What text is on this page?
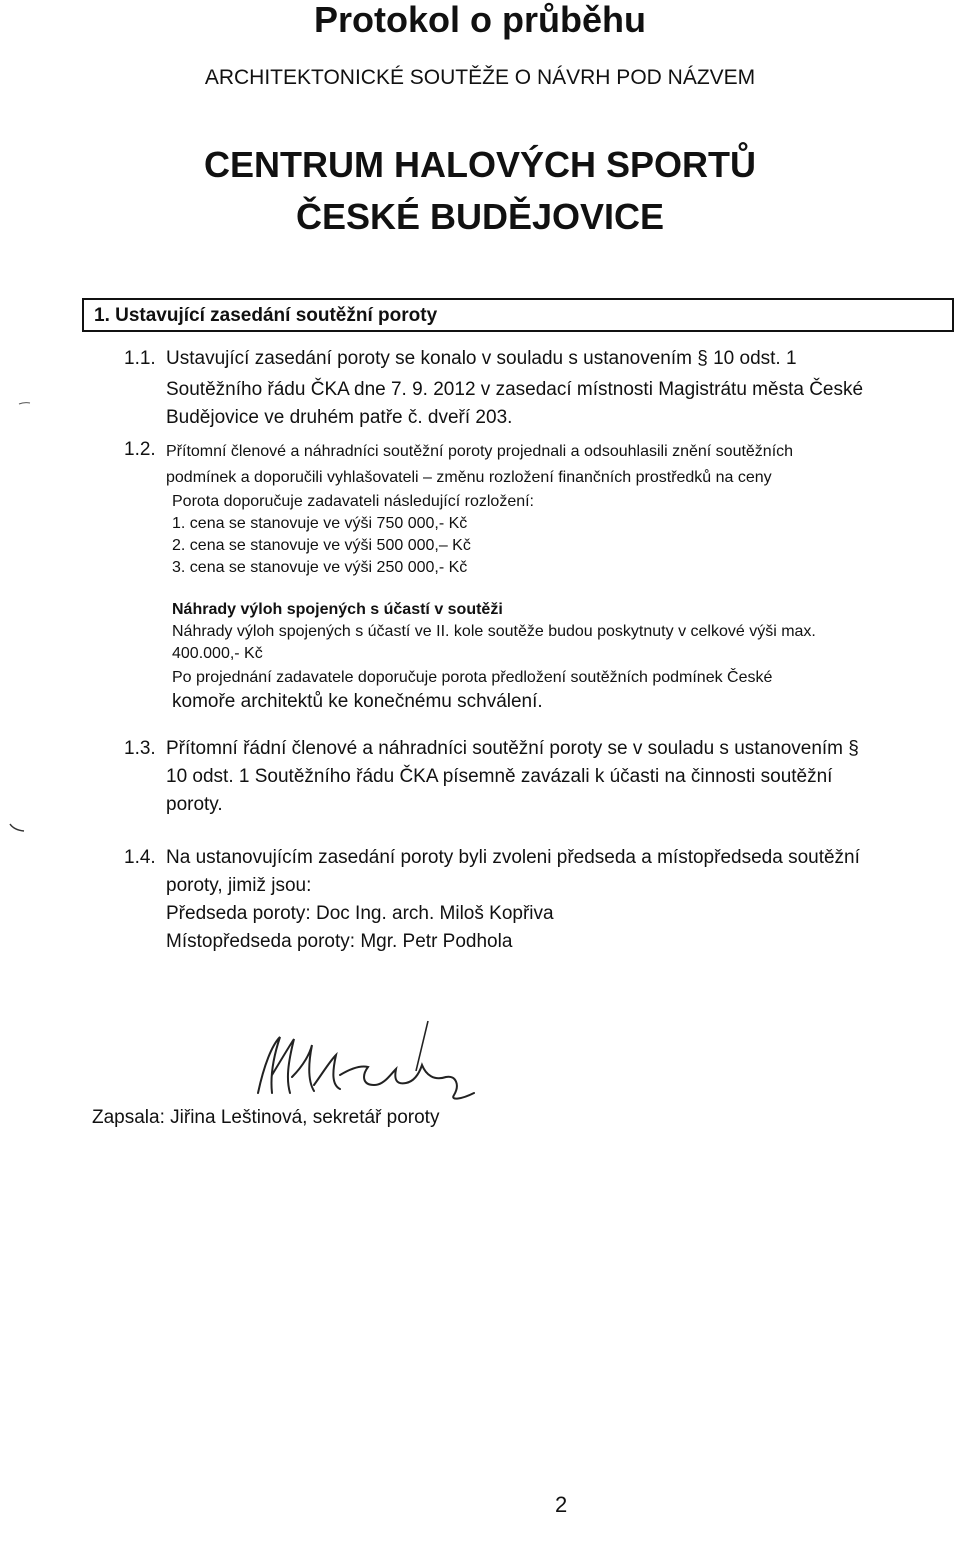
Protokol o průběhu
ARCHITEKTONICKÉ SOUTĚŽE O NÁVRH POD NÁZVEM
CENTRUM HALOVÝCH SPORTŮ
ČESKÉ BUDĚJOVICE
1. Ustavující zasedání soutěžní poroty
1.1. Ustavující zasedání poroty se konalo v souladu s ustanovením § 10 odst. 1
Soutěžního řádu ČKA dne 7. 9. 2012 v zasedací místnosti Magistrátu města České
Budějovice ve druhém patře č. dveří 203.
1.2. Přítomní členové a náhradníci soutěžní poroty projednali a odsouhlasili znění soutěžních
podmínek a doporučili vyhlašovateli – změnu rozložení finančních prostředků na ceny
Porota doporučuje zadavateli následující rozložení:
1. cena se stanovuje ve výši 750 000,- Kč
2. cena se stanovuje ve výši 500 000,– Kč
3. cena se stanovuje ve výši 250 000,- Kč
Náhrady výloh spojených s účastí v soutěži
Náhrady výloh spojených s účastí ve II. kole soutěže budou poskytnuty v celkové výši max.
400.000,- Kč
Po projednání zadavatele doporučuje porota předložení soutěžních podmínek České
komoře architektů ke konečnému schválení.
1.3. Přítomní řádní členové a náhradníci soutěžní poroty se v souladu s ustanovením §
10 odst. 1 Soutěžního řádu ČKA písemně zavázali k účasti na činnosti soutěžní
poroty.
1.4. Na ustanovujícím zasedání poroty byli zvoleni předseda a místopředseda soutěžní
poroty, jimiž jsou:
Předseda poroty: Doc Ing. arch. Miloš Kopřiva
Místopředseda poroty: Mgr. Petr Podhola
Zapsala: Jiřina Leštinová, sekretář poroty
2
